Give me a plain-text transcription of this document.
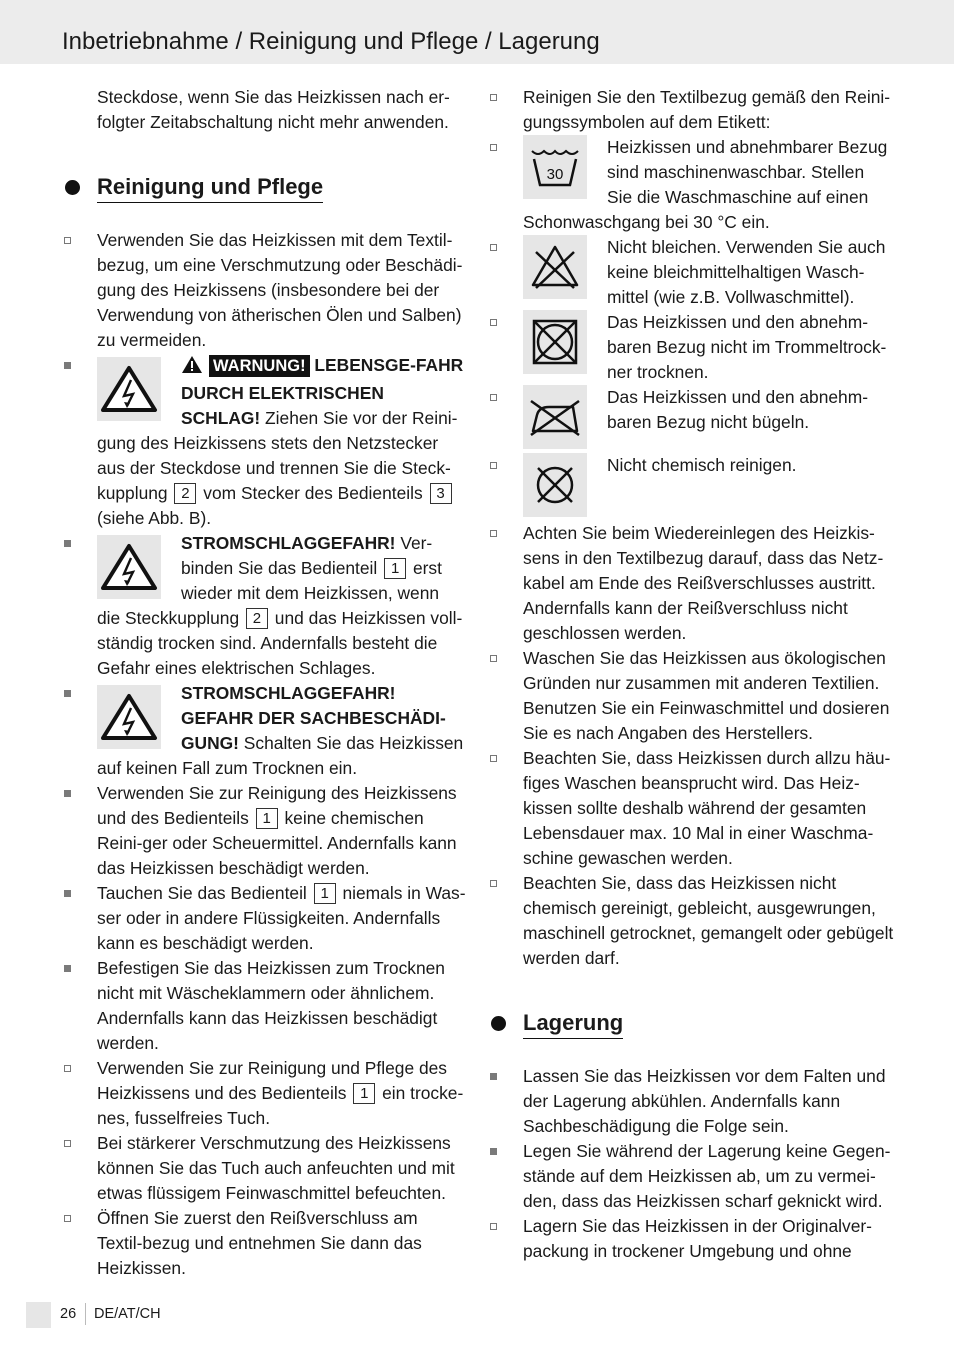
Inbetriebnahme / Reinigung und Pflege / Lagerung
Steckdose, wenn Sie das Heizkissen nach er-folgter Zeitabschaltung nicht mehr anwenden.
Reinigung und Pflege
Verwenden Sie das Heizkissen mit dem Textil-bezug, um eine Verschmutzung oder Beschädi-gung des Heizkissens (insbesondere bei der Verwendung von ätherischen Ölen und Salben) zu vermeiden.
WARNUNG! LEBENSGE-FAHR DURCH ELEKTRISCHEN SCHLAG! Ziehen Sie vor der Reini-gung des Heizkissens stets den Netzstecker aus der Steckdose und trennen Sie die Steck-kupplung 2 vom Stecker des Bedienteils 3 (siehe Abb. B).
STROMSCHLAGGEFAHR! Ver-binden Sie das Bedienteil 1 erst wieder mit dem Heizkissen, wenn die Steckkupplung 2 und das Heizkissen voll-ständig trocken sind. Andernfalls besteht die Gefahr eines elektrischen Schlages.
STROMSCHLAGGEFAHR! GEFAHR DER SACHBESCHÄDI-GUNG! Schalten Sie das Heizkissen auf keinen Fall zum Trocknen ein.
Verwenden Sie zur Reinigung des Heizkissens und des Bedienteils 1 keine chemischen Reini-ger oder Scheuermittel. Andernfalls kann das Heizkissen beschädigt werden.
Tauchen Sie das Bedienteil 1 niemals in Was-ser oder in andere Flüssigkeiten. Andernfalls kann es beschädigt werden.
Befestigen Sie das Heizkissen zum Trocknen nicht mit Wäscheklammern oder ähnlichem. Andernfalls kann das Heizkissen beschädigt werden.
Verwenden Sie zur Reinigung und Pflege des Heizkissens und des Bedienteils 1 ein trocke-nes, fusselfreies Tuch.
Bei stärkerer Verschmutzung des Heizkissens können Sie das Tuch auch anfeuchten und mit etwas flüssigem Feinwaschmittel befeuchten.
Öffnen Sie zuerst den Reißverschluss am Textil-bezug und entnehmen Sie dann das Heizkissen.
Reinigen Sie den Textilbezug gemäß den Reini-gungssymbolen auf dem Etikett:
30
Heizkissen und abnehmbarer Bezug sind maschinenwaschbar. Stellen Sie die Waschmaschine auf einen Schonwaschgang bei 30 °C ein.
Nicht bleichen. Verwenden Sie auch keine bleichmittelhaltigen Wasch-mittel (wie z.B. Vollwaschmittel).
Das Heizkissen und den abnehm-baren Bezug nicht im Trommeltrock-ner trocknen.
Das Heizkissen und den abnehm-baren Bezug nicht bügeln.
Nicht chemisch reinigen.
Achten Sie beim Wiedereinlegen des Heizkis-sens in den Textilbezug darauf, dass das Netz-kabel am Ende des Reißverschlusses austritt. Andernfalls kann der Reißverschluss nicht geschlossen werden.
Waschen Sie das Heizkissen aus ökologischen Gründen nur zusammen mit anderen Textilien. Benutzen Sie ein Feinwaschmittel und dosieren Sie es nach Angaben des Herstellers.
Beachten Sie, dass Heizkissen durch allzu häu-figes Waschen beansprucht wird. Das Heiz-kissen sollte deshalb während der gesamten Lebensdauer max. 10 Mal in einer Waschma-schine gewaschen werden.
Beachten Sie, dass das Heizkissen nicht chemisch gereinigt, gebleicht, ausgewrungen, maschinell getrocknet, gemangelt oder gebügelt werden darf.
Lagerung
Lassen Sie das Heizkissen vor dem Falten und der Lagerung abkühlen. Andernfalls kann Sachbeschädigung die Folge sein.
Legen Sie während der Lagerung keine Gegen-stände auf dem Heizkissen ab, um zu vermei-den, dass das Heizkissen scharf geknickt wird.
Lagern Sie das Heizkissen in der Originalver-packung in trockener Umgebung und ohne
26 DE/AT/CH
